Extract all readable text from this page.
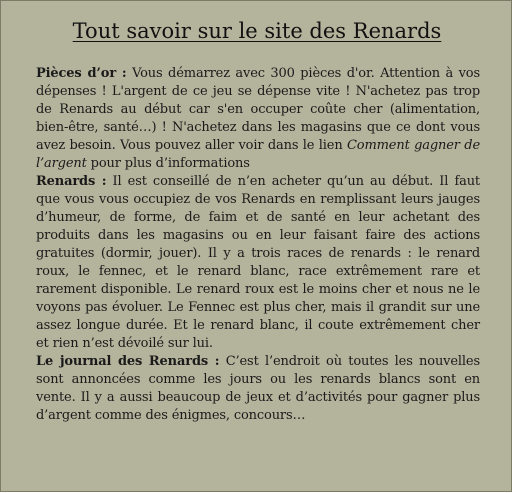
Tout savoir sur le site des Renards

Pièces d’or : Vous démarrez avec 300 pièces d'or. Attention à vos dépenses ! L'argent de ce jeu se dépense vite ! N'achetez pas trop de Renards au début car s'en occuper coûte cher (alimentation, bien-être, santé…) ! N'achetez dans les magasins que ce dont vous avez besoin. Vous pouvez aller voir dans le lien Comment gagner de l’argent pour plus d’informations

Renards : Il est conseillé de n’en acheter qu’un au début. Il faut que vous vous occupiez de vos Renards en remplissant leurs jauges d’humeur, de forme, de faim et de santé en leur achetant des produits dans les magasins ou en leur faisant faire des actions gratuites (dormir, jouer). Il y a trois races de renards : le renard roux, le fennec, et le renard blanc, race extrêmement rare et rarement disponible. Le renard roux est le moins cher et nous ne le voyons pas évoluer. Le Fennec est plus cher, mais il grandit sur une assez longue durée. Et le renard blanc, il coute extrêmement cher et rien n’est dévoilé sur lui.

Le journal des Renards : C’est l’endroit où toutes les nouvelles sont annoncées comme les jours ou les renards blancs sont en vente. Il y a aussi beaucoup de jeux et d’activités pour gagner plus d’argent comme des énigmes, concours…
